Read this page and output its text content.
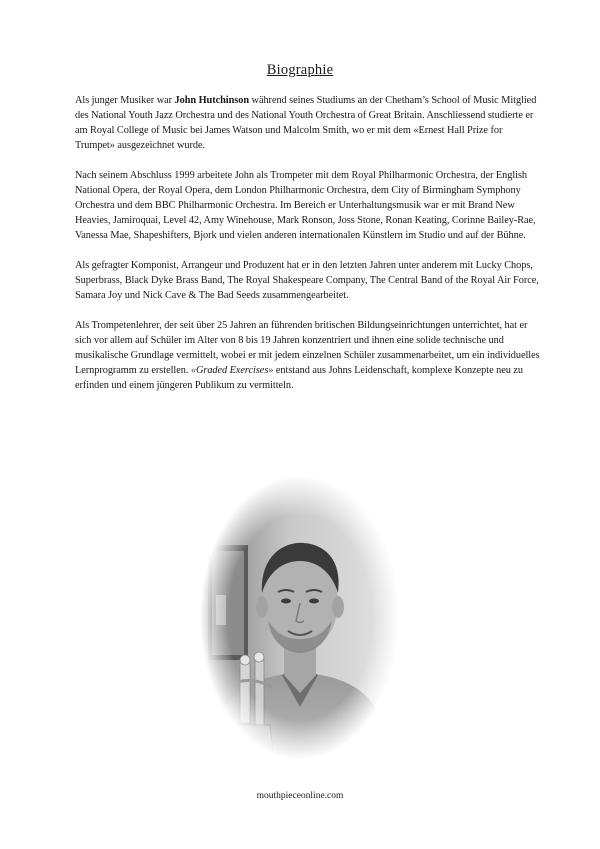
Biographie

Als junger Musiker war John Hutchinson während seines Studiums an der Chetham’s School of Music Mitglied des National Youth Jazz Orchestra und des National Youth Orchestra of Great Britain. Anschliessend studierte er am Royal College of Music bei James Watson und Malcolm Smith, wo er mit dem «Ernest Hall Prize for Trumpet» ausgezeichnet wurde.

Nach seinem Abschluss 1999 arbeitete John als Trompeter mit dem Royal Philharmonic Orchestra, der English National Opera, der Royal Opera, dem London Philharmonic Orchestra, dem City of Birmingham Symphony Orchestra und dem BBC Philharmonic Orchestra. Im Bereich er Unterhaltungsmusik war er mit Brand New Heavies, Jamiroquai, Level 42, Amy Winehouse, Mark Ronson, Joss Stone, Ronan Keating, Corinne Bailey-Rae, Vanessa Mae, Shapeshifters, Bjork und vielen anderen internationalen Künstlern im Studio und auf der Bühne.

Als gefragter Komponist, Arrangeur und Produzent hat er in den letzten Jahren unter anderem mit Lucky Chops, Superbrass, Black Dyke Brass Band, The Royal Shakespeare Company, The Central Band of the Royal Air Force, Samara Joy und Nick Cave & The Bad Seeds zusammengearbeitet.

Als Trompetenlehrer, der seit über 25 Jahren an führenden britischen Bildungseinrichtungen unterrichtet, hat er sich vor allem auf Schüler im Alter von 8 bis 19 Jahren konzentriert und ihnen eine solide technische und musikalische Grundlage vermittelt, wobei er mit jedem einzelnen Schüler zusammenarbeitet, um ein individuelles Lernprogramm zu erstellen. «Graded Exercises» entstand aus Johns Leidenschaft, komplexe Konzepte neu zu erfinden und einem jüngeren Publikum zu vermitteln.

mouthpieceonline.com
